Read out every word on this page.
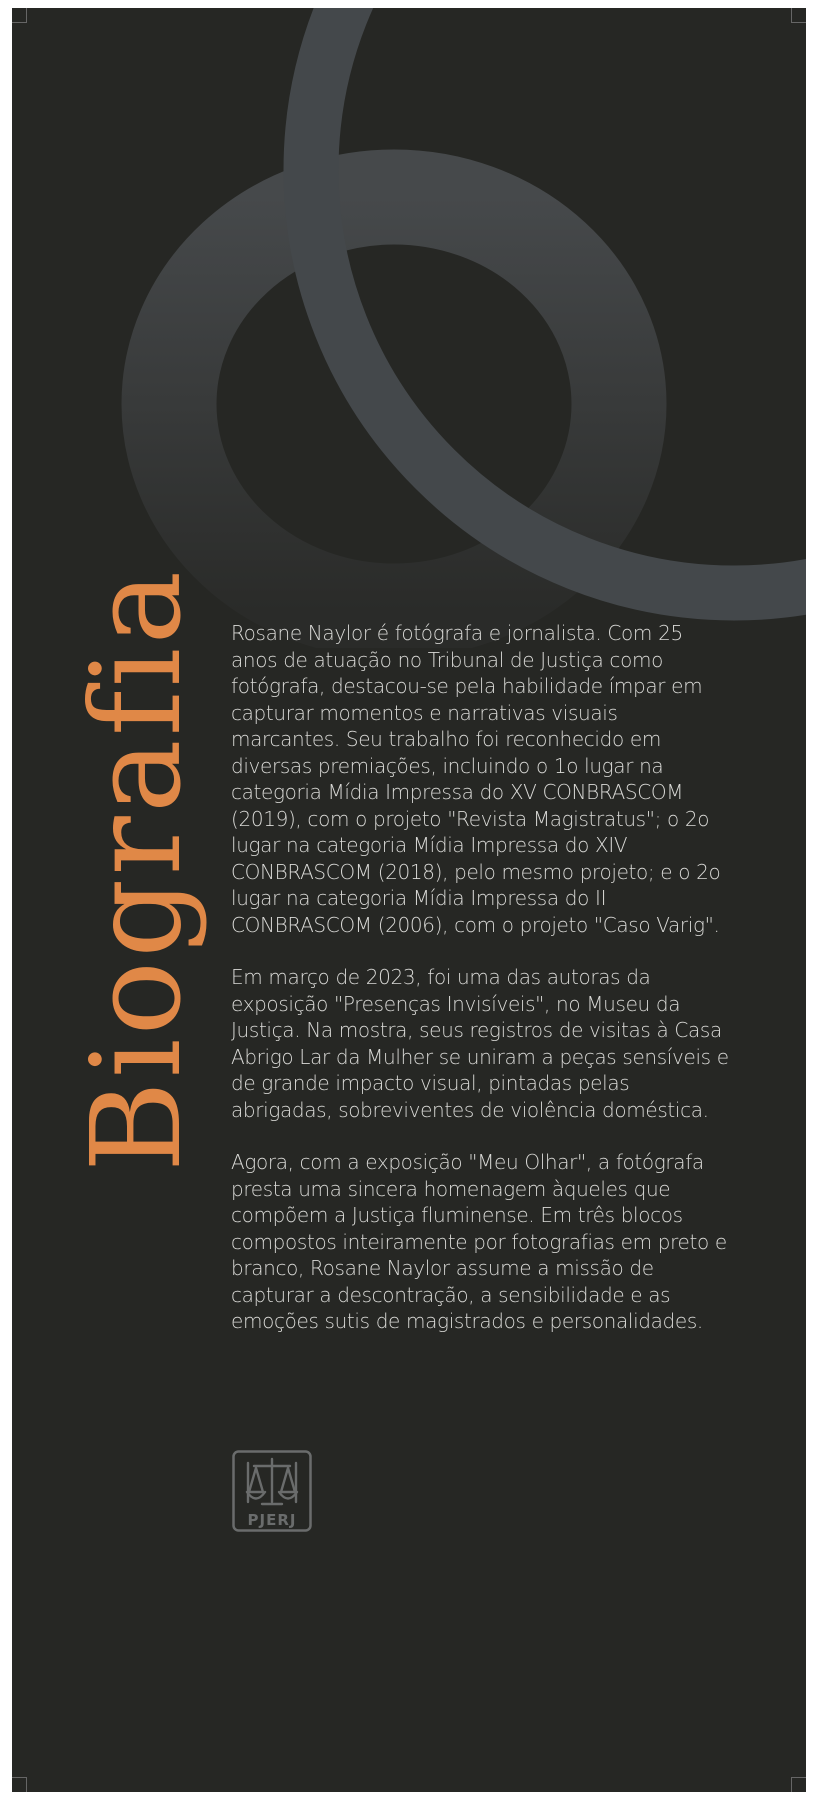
Biografia Rosane Naylor é fotógrafa e jornalista. Com 25 anos de atuação no Tribunal de Justiça como fotógrafa, destacou-se pela habilidade ímpar em capturar momentos e narrativas visuais marcantes. Seu trabalho foi reconhecido em diversas premiações, incluindo o 1o lugar na categoria Mídia Impressa do XV CONBRASCOM (2019), com o projeto "Revista Magistratus"; o 2o lugar na categoria Mídia Impressa do XIV CONBRASCOM (2018), pelo mesmo projeto; e o 2o lugar na categoria Mídia Impressa do II CONBRASCOM (2006), com o projeto "Caso Varig".

Em março de 2023, foi uma das autoras da exposição "Presenças Invisíveis", no Museu da Justiça. Na mostra, seus registros de visitas à Casa Abrigo Lar da Mulher se uniram a peças sensíveis e de grande impacto visual, pintadas pelas abrigadas, sobreviventes de violência doméstica.

Agora, com a exposição "Meu Olhar", a fotógrafa presta uma sincera homenagem àqueles que compõem a Justiça fluminense. Em três blocos compostos inteiramente por fotografias em preto e branco, Rosane Naylor assume a missão de capturar a descontração, a sensibilidade e as emoções sutis de magistrados e personalidades.

PJERJ
